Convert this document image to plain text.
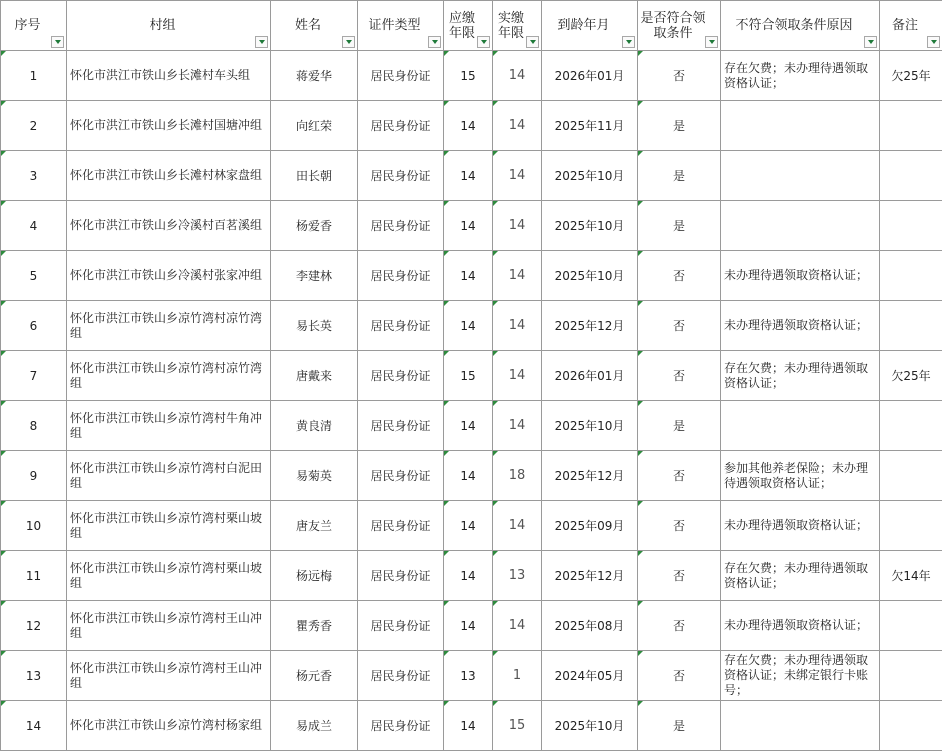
序号	村组	姓名	证件类型	应缴年限	实缴年限	到龄年月	是否符合领取条件	不符合领取条件原因	备注

1	怀化市洪江市铁山乡长滩村车头组	蒋爱华	居民身份证	15	14	2026年01月	否	存在欠费；未办理待遇领取资格认证；	欠25年

2	怀化市洪江市铁山乡长滩村国塘冲组	向红荣	居民身份证	14	14	2025年11月	是		

3	怀化市洪江市铁山乡长滩村林家盘组	田长朝	居民身份证	14	14	2025年10月	是		

4	怀化市洪江市铁山乡冷溪村百茗溪组	杨爱香	居民身份证	14	14	2025年10月	是		

5	怀化市洪江市铁山乡冷溪村张家冲组	李建林	居民身份证	14	14	2025年10月	否	未办理待遇领取资格认证；	

6	怀化市洪江市铁山乡凉竹湾村凉竹湾组	易长英	居民身份证	14	14	2025年12月	否	未办理待遇领取资格认证；	

7	怀化市洪江市铁山乡凉竹湾村凉竹湾组	唐戴来	居民身份证	15	14	2026年01月	否	存在欠费；未办理待遇领取资格认证；	欠25年

8	怀化市洪江市铁山乡凉竹湾村牛角冲组	黄良清	居民身份证	14	14	2025年10月	是		

9	怀化市洪江市铁山乡凉竹湾村白泥田组	易菊英	居民身份证	14	18	2025年12月	否	参加其他养老保险；未办理待遇领取资格认证；	

10	怀化市洪江市铁山乡凉竹湾村栗山坡组	唐友兰	居民身份证	14	14	2025年09月	否	未办理待遇领取资格认证；	

11	怀化市洪江市铁山乡凉竹湾村栗山坡组	杨远梅	居民身份证	14	13	2025年12月	否	存在欠费；未办理待遇领取资格认证；	欠14年

12	怀化市洪江市铁山乡凉竹湾村王山冲组	瞿秀香	居民身份证	14	14	2025年08月	否	未办理待遇领取资格认证；	

13	怀化市洪江市铁山乡凉竹湾村王山冲组	杨元香	居民身份证	13	1	2024年05月	否	存在欠费；未办理待遇领取资格认证；未绑定银行卡账号；	

14	怀化市洪江市铁山乡凉竹湾村杨家组	易成兰	居民身份证	14	15	2025年10月	是		
